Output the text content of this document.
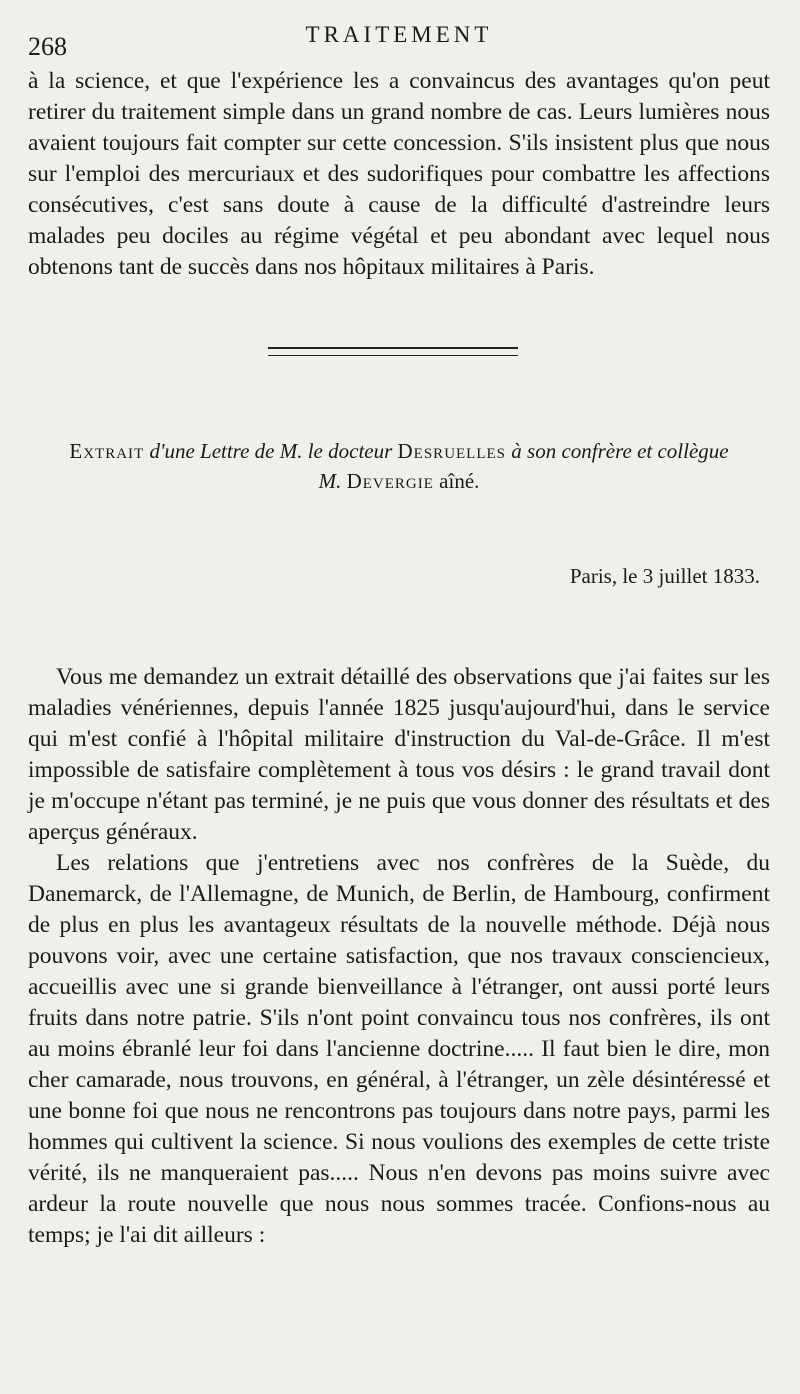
268	TRAITEMENT

à la science, et que l'expérience les a convaincus des avantages qu'on peut retirer du traitement simple dans un grand nombre de cas. Leurs lumières nous avaient toujours fait compter sur cette concession. S'ils insistent plus que nous sur l'emploi des mercuriaux et des sudorifiques pour combattre les affections consécutives, c'est sans doute à cause de la difficulté d'astreindre leurs malades peu dociles au régime végétal et peu abondant avec lequel nous obtenons tant de succès dans nos hôpitaux militaires à Paris.

Extrait d'une Lettre de M. le docteur Desruelles à son confrère et collègue
M. Devergie aîné.
Paris, le 3 juillet 1833.

Vous me demandez un extrait détaillé des observations que j'ai faites sur les maladies vénériennes, depuis l'année 1825 jusqu'aujourd'hui, dans le service qui m'est confié à l'hôpital militaire d'instruction du Val-de-Grâce. Il m'est impossible de satisfaire complètement à tous vos désirs : le grand travail dont je m'occupe n'étant pas terminé, je ne puis que vous donner des résultats et des aperçus généraux.

Les relations que j'entretiens avec nos confrères de la Suède, du Danemarck, de l'Allemagne, de Munich, de Berlin, de Hambourg, confirment de plus en plus les avantageux résultats de la nouvelle méthode. Déjà nous pouvons voir, avec une certaine satisfaction, que nos travaux consciencieux, accueillis avec une si grande bienveillance à l'étranger, ont aussi porté leurs fruits dans notre patrie. S'ils n'ont point convaincu tous nos confrères, ils ont au moins ébranlé leur foi dans l'ancienne doctrine..... Il faut bien le dire, mon cher camarade, nous trouvons, en général, à l'étranger, un zèle désintéressé et une bonne foi que nous ne rencontrons pas toujours dans notre pays, parmi les hommes qui cultivent la science. Si nous voulions des exemples de cette triste vérité, ils ne manqueraient pas..... Nous n'en devons pas moins suivre avec ardeur la route nouvelle que nous nous sommes tracée. Confions-nous au temps; je l'ai dit ailleurs :
